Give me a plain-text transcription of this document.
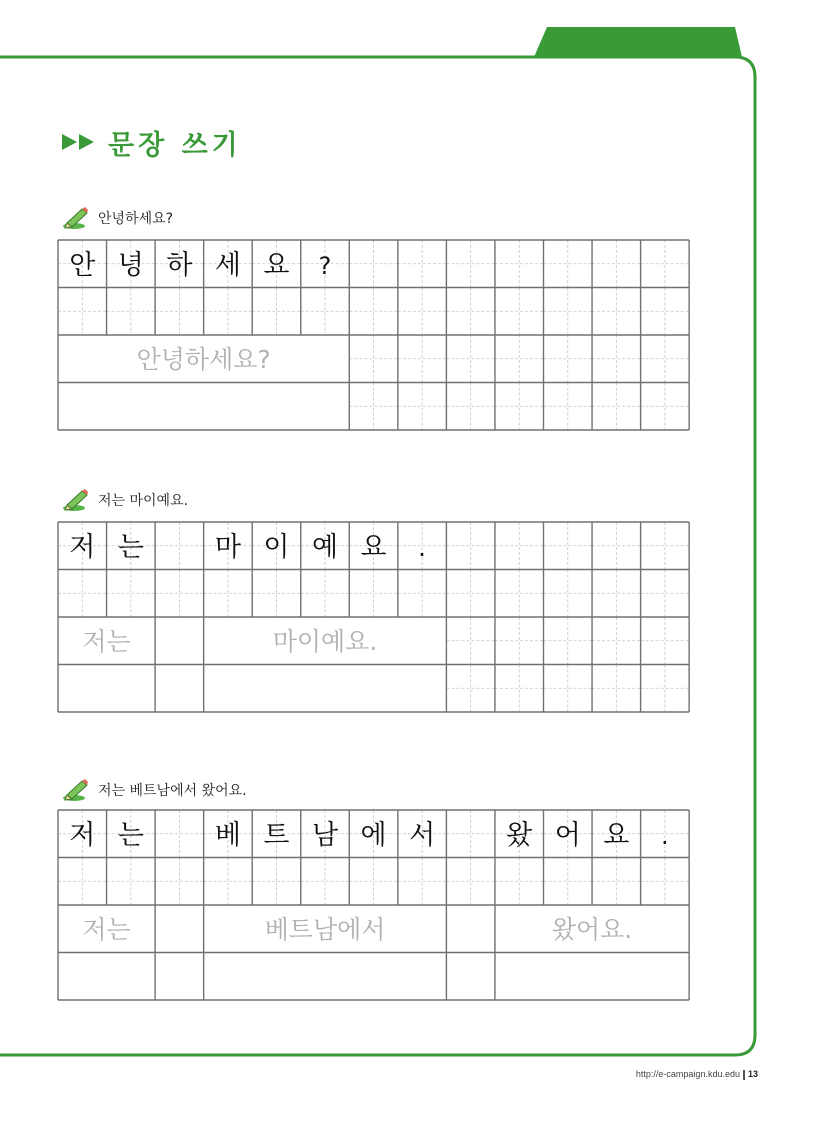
문장 쓰기
안녕하세요?
저는 마이예요.
저는 베트남에서 왔어요.
안 녕 하 세 요 ?
안녕하세요?
저 는	마 이 예 요 .
저는	마이예요.
저 는	베 트 남 에 서	왔 어 요 .
저는	베트남에서	왔어요.
http://e-campaign.kdu.edu 13
